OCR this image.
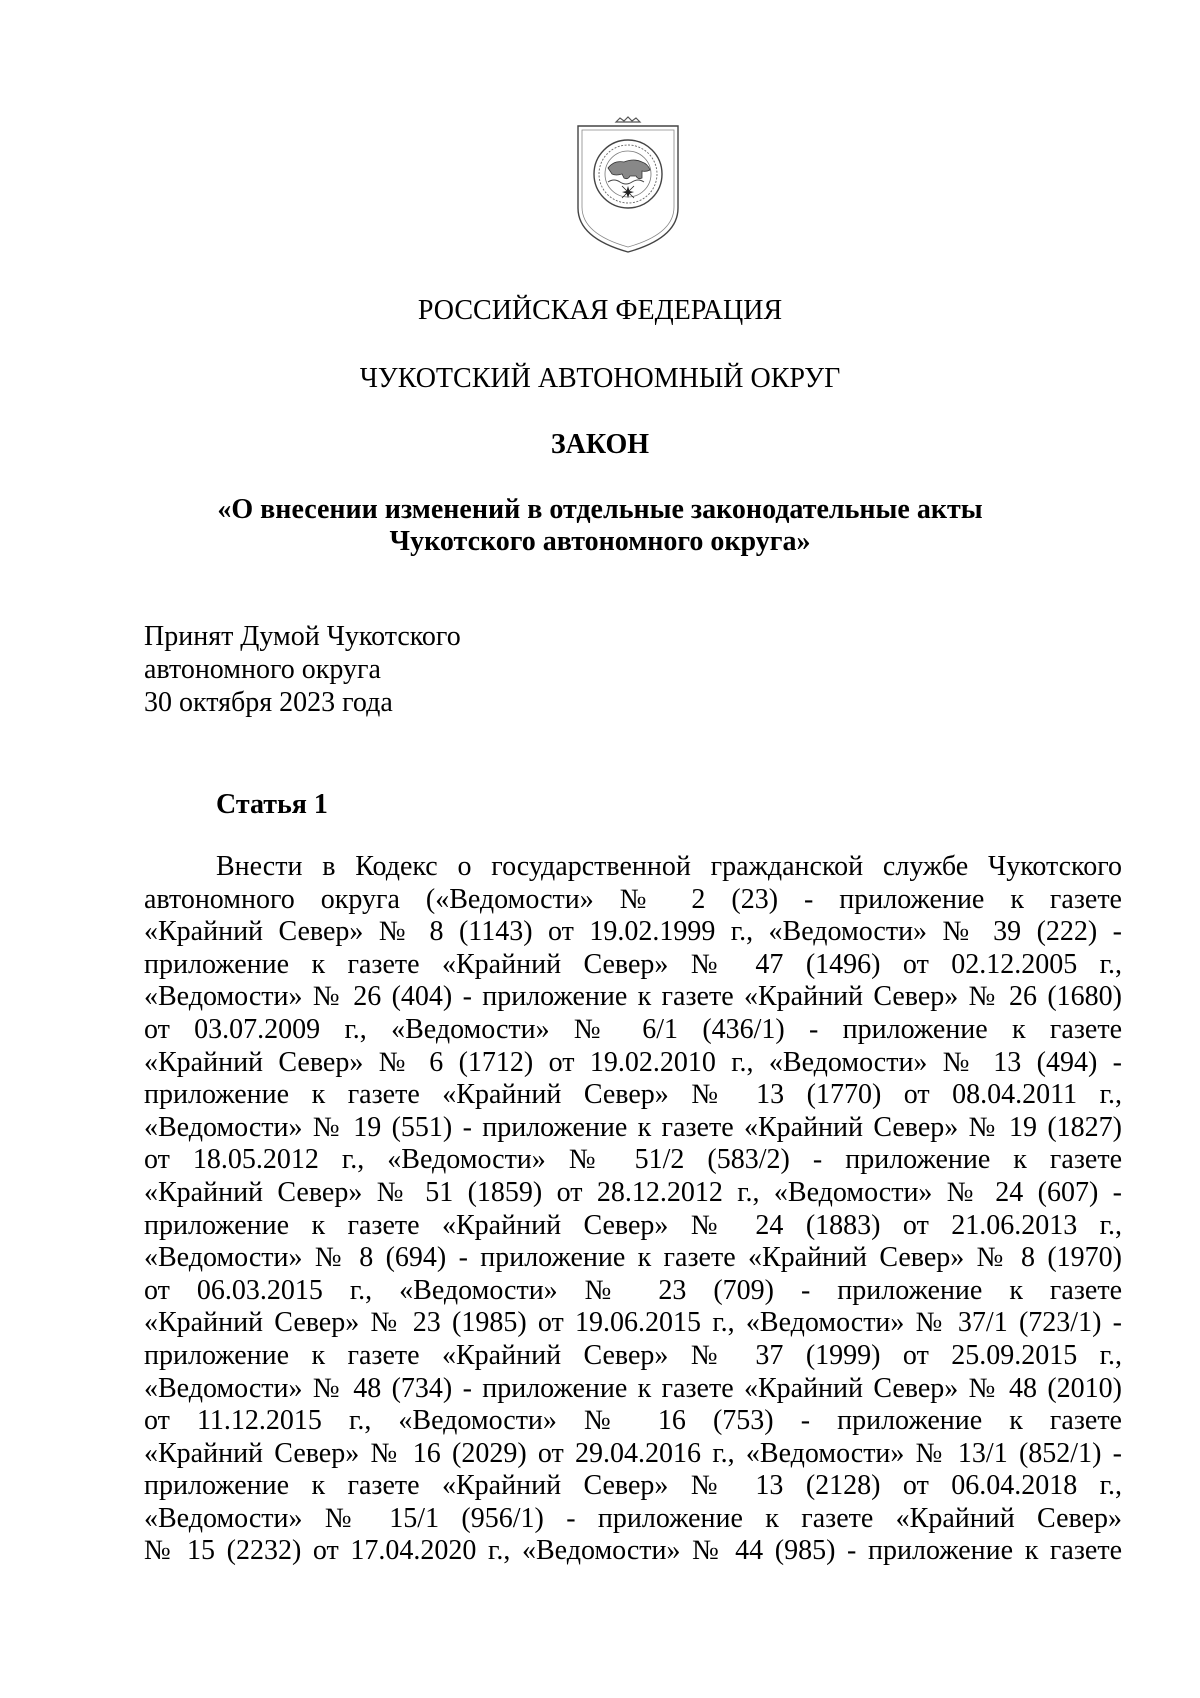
РОССИЙСКАЯ ФЕДЕРАЦИЯ
ЧУКОТСКИЙ АВТОНОМНЫЙ ОКРУГ
ЗАКОН
«О внесении изменений в отдельные законодательные акты
Чукотского автономного округа»
Принят Думой Чукотского
автономного округа
30 октября 2023 года
Статья 1
Внести в Кодекс о государственной гражданской службе Чукотского
автономного округа («Ведомости» № 2 (23) - приложение к газете
«Крайний Север» № 8 (1143) от 19.02.1999 г., «Ведомости» № 39 (222) -
приложение к газете «Крайний Север» № 47 (1496) от 02.12.2005 г.,
«Ведомости» № 26 (404) - приложение к газете «Крайний Север» № 26 (1680)
от 03.07.2009 г., «Ведомости» № 6/1 (436/1) - приложение к газете
«Крайний Север» № 6 (1712) от 19.02.2010 г., «Ведомости» № 13 (494) -
приложение к газете «Крайний Север» № 13 (1770) от 08.04.2011 г.,
«Ведомости» № 19 (551) - приложение к газете «Крайний Север» № 19 (1827)
от 18.05.2012 г., «Ведомости» № 51/2 (583/2) - приложение к газете
«Крайний Север» № 51 (1859) от 28.12.2012 г., «Ведомости» № 24 (607) -
приложение к газете «Крайний Север» № 24 (1883) от 21.06.2013 г.,
«Ведомости» № 8 (694) - приложение к газете «Крайний Север» № 8 (1970)
от 06.03.2015 г., «Ведомости» № 23 (709) - приложение к газете
«Крайний Север» № 23 (1985) от 19.06.2015 г., «Ведомости» № 37/1 (723/1) -
приложение к газете «Крайний Север» № 37 (1999) от 25.09.2015 г.,
«Ведомости» № 48 (734) - приложение к газете «Крайний Север» № 48 (2010)
от 11.12.2015 г., «Ведомости» № 16 (753) - приложение к газете
«Крайний Север» № 16 (2029) от 29.04.2016 г., «Ведомости» № 13/1 (852/1) -
приложение к газете «Крайний Север» № 13 (2128) от 06.04.2018 г.,
«Ведомости» № 15/1 (956/1) - приложение к газете «Крайний Север»
№ 15 (2232) от 17.04.2020 г., «Ведомости» № 44 (985) - приложение к газете
